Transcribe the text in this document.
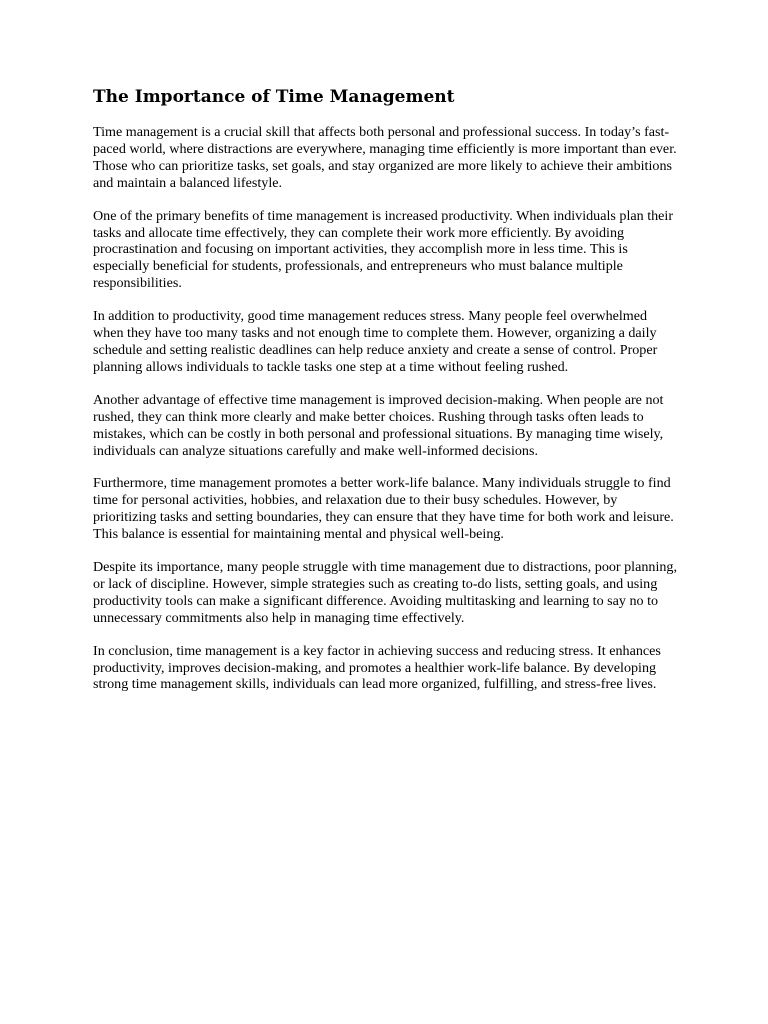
The Importance of Time Management

Time management is a crucial skill that affects both personal and professional success. In today’s fast-paced world, where distractions are everywhere, managing time efficiently is more important than ever. Those who can prioritize tasks, set goals, and stay organized are more likely to achieve their ambitions and maintain a balanced lifestyle.

One of the primary benefits of time management is increased productivity. When individuals plan their tasks and allocate time effectively, they can complete their work more efficiently. By avoiding procrastination and focusing on important activities, they accomplish more in less time. This is especially beneficial for students, professionals, and entrepreneurs who must balance multiple responsibilities.

In addition to productivity, good time management reduces stress. Many people feel overwhelmed when they have too many tasks and not enough time to complete them. However, organizing a daily schedule and setting realistic deadlines can help reduce anxiety and create a sense of control. Proper planning allows individuals to tackle tasks one step at a time without feeling rushed.

Another advantage of effective time management is improved decision-making. When people are not rushed, they can think more clearly and make better choices. Rushing through tasks often leads to mistakes, which can be costly in both personal and professional situations. By managing time wisely, individuals can analyze situations carefully and make well-informed decisions.

Furthermore, time management promotes a better work-life balance. Many individuals struggle to find time for personal activities, hobbies, and relaxation due to their busy schedules. However, by prioritizing tasks and setting boundaries, they can ensure that they have time for both work and leisure. This balance is essential for maintaining mental and physical well-being.

Despite its importance, many people struggle with time management due to distractions, poor planning, or lack of discipline. However, simple strategies such as creating to-do lists, setting goals, and using productivity tools can make a significant difference. Avoiding multitasking and learning to say no to unnecessary commitments also help in managing time effectively.

In conclusion, time management is a key factor in achieving success and reducing stress. It enhances productivity, improves decision-making, and promotes a healthier work-life balance. By developing strong time management skills, individuals can lead more organized, fulfilling, and stress-free lives.
